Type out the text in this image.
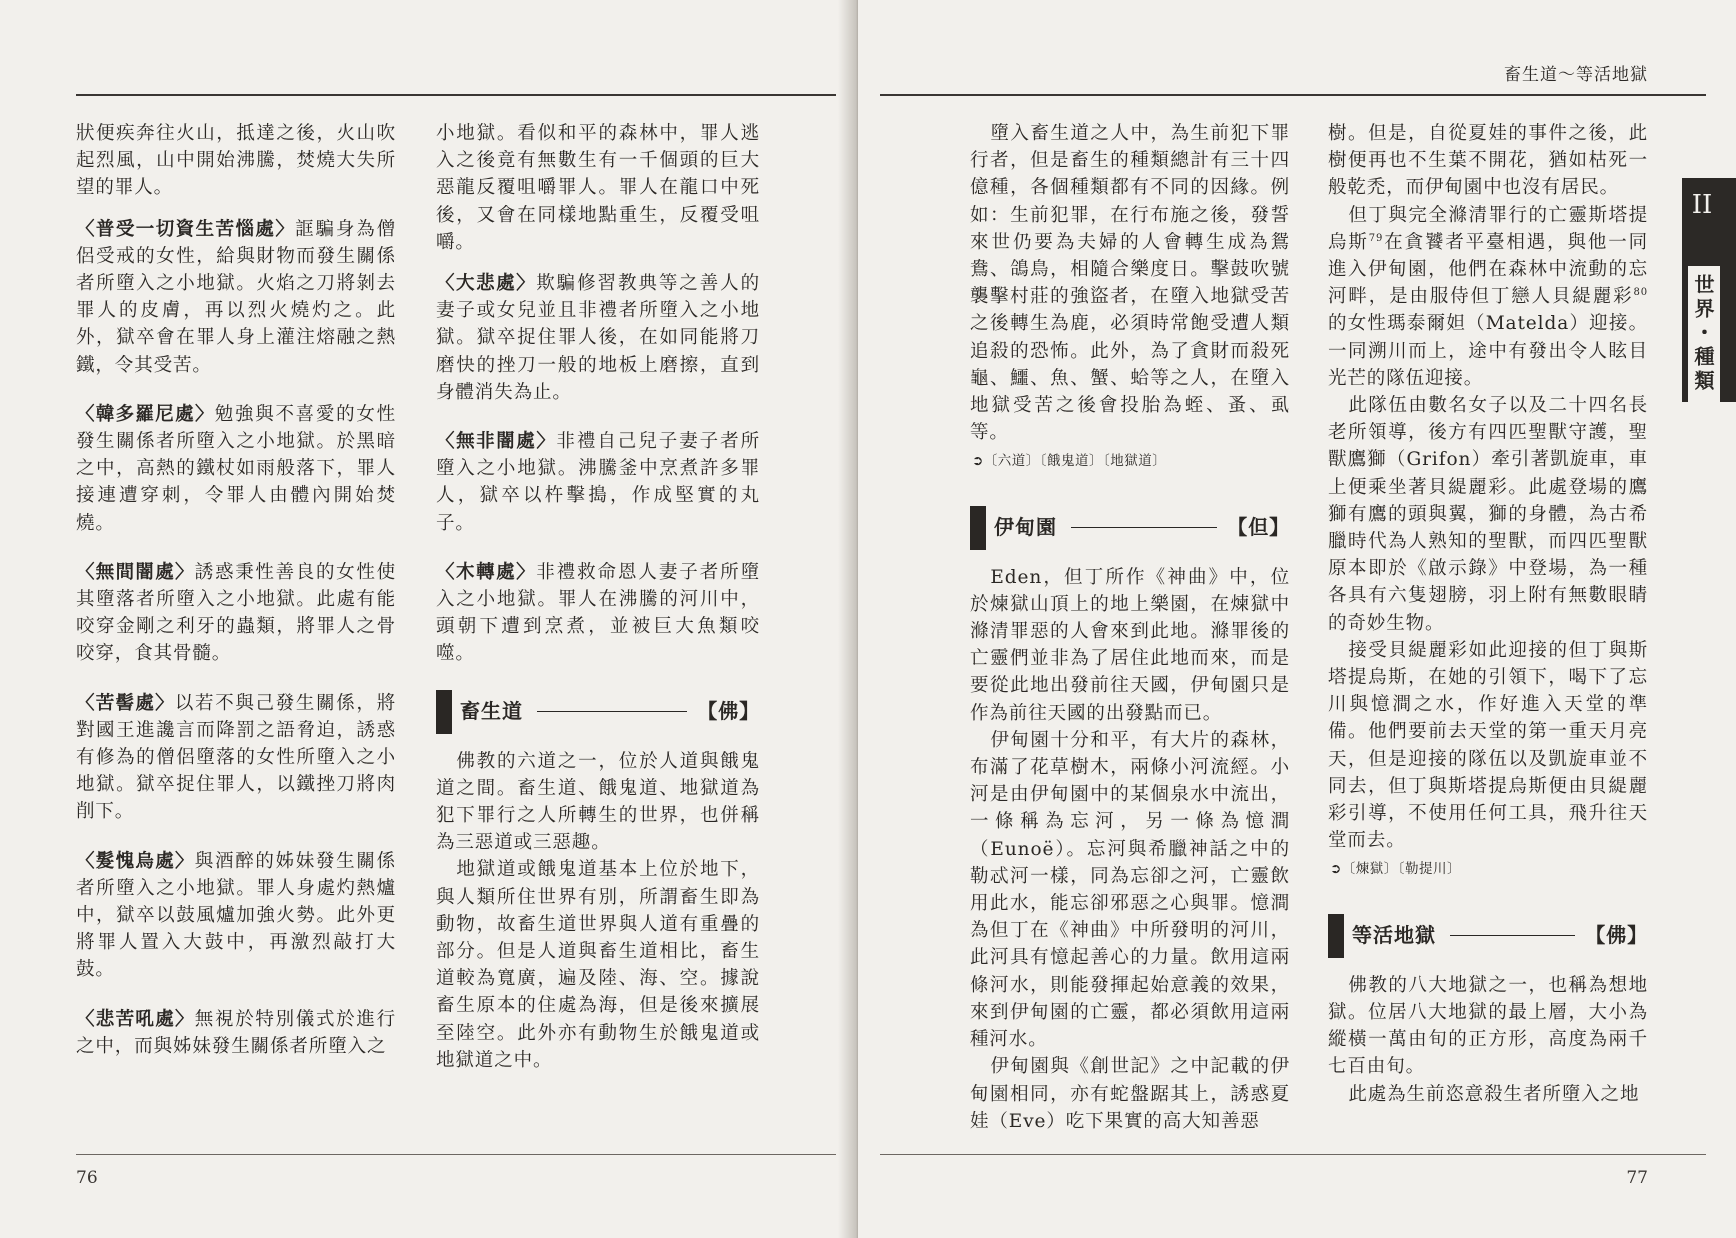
狀便疾奔往火山，抵達之後，火山吹起烈風，山中開始沸騰，焚燒大失所望的罪人。

〈普受一切資生苦惱處〉誆騙身為僧侶受戒的女性，給與財物而發生關係者所墮入之小地獄。火焰之刀將剝去罪人的皮膚，再以烈火燒灼之。此外，獄卒會在罪人身上灌注熔融之熱鐵，令其受苦。

〈韓多羅尼處〉勉強與不喜愛的女性發生關係者所墮入之小地獄。於黑暗之中，高熱的鐵杖如雨般落下，罪人接連遭穿刺，令罪人由體內開始焚燒。

〈無間闇處〉誘惑秉性善良的女性使其墮落者所墮入之小地獄。此處有能咬穿金剛之利牙的蟲類，將罪人之骨咬穿，食其骨髓。

〈苦髻處〉以若不與己發生關係，將對國王進讒言而降罰之語脅迫，誘惑有修為的僧侶墮落的女性所墮入之小地獄。獄卒捉住罪人，以鐵挫刀將肉削下。

〈髮愧烏處〉與酒醉的姊妹發生關係者所墮入之小地獄。罪人身處灼熱爐中，獄卒以鼓風爐加強火勢。此外更將罪人置入大鼓中，再激烈敲打大鼓。

〈悲苦吼處〉無視於特別儀式於進行之中，而與姊妹發生關係者所墮入之

小地獄。看似和平的森林中，罪人逃入之後竟有無數生有一千個頭的巨大惡龍反覆咀嚼罪人。罪人在龍口中死後，又會在同樣地點重生，反覆受咀嚼。

〈大悲處〉欺騙修習教典等之善人的妻子或女兒並且非禮者所墮入之小地獄。獄卒捉住罪人後，在如同能將刀磨快的挫刀一般的地板上磨擦，直到身體消失為止。

〈無非闇處〉非禮自己兒子妻子者所墮入之小地獄。沸騰釜中烹煮許多罪人，獄卒以杵擊搗，作成堅實的丸子。

〈木轉處〉非禮救命恩人妻子者所墮入之小地獄。罪人在沸騰的河川中，頭朝下遭到烹煮，並被巨大魚類咬噬。

畜生道	【佛】

佛教的六道之一，位於人道與餓鬼道之間。畜生道、餓鬼道、地獄道為犯下罪行之人所轉生的世界，也併稱為三惡道或三惡趣。

地獄道或餓鬼道基本上位於地下，與人類所住世界有別，所謂畜生即為動物，故畜生道世界與人道有重疊的部分。但是人道與畜生道相比，畜生道較為寬廣，遍及陸、海、空。據說畜生原本的住處為海，但是後來擴展至陸空。此外亦有動物生於餓鬼道或地獄道之中。

76
畜生道～等活地獄

墮入畜生道之人中，為生前犯下罪行者，但是畜生的種類總計有三十四億種，各個種類都有不同的因緣。例如：生前犯罪，在行布施之後，發誓來世仍要為夫婦的人會轉生成為鴛鴦、鴿鳥，相隨合樂度日。擊鼓吹號襲擊村莊的強盜者，在墮入地獄受苦之後轉生為鹿，必須時常飽受遭人類追殺的恐怖。此外，為了貪財而殺死龜、鱷、魚、蟹、蛤等之人，在墮入地獄受苦之後會投胎為蛭、蚤、虱等。

➲〔六道〕〔餓鬼道〕〔地獄道〕
伊甸園	【但】

Eden，但丁所作《神曲》中，位於煉獄山頂上的地上樂園，在煉獄中滌清罪惡的人會來到此地。滌罪後的亡靈們並非為了居住此地而來，而是要從此地出發前往天國，伊甸園只是作為前往天國的出發點而已。

伊甸園十分和平，有大片的森林，布滿了花草樹木，兩條小河流經。小河是由伊甸園中的某個泉水中流出，一條稱為忘河，另一條為憶澗（Eunoë）。忘河與希臘神話之中的勒忒河一樣，同為忘卻之河，亡靈飲用此水，能忘卻邪惡之心與罪。憶澗為但丁在《神曲》中所發明的河川，此河具有憶起善心的力量。飲用這兩條河水，則能發揮起始意義的效果，來到伊甸園的亡靈，都必須飲用這兩種河水。

伊甸園與《創世記》之中記載的伊甸園相同，亦有蛇盤踞其上，誘惑夏娃（Eve）吃下果實的高大知善惡

樹。但是，自從夏娃的事件之後，此樹便再也不生葉不開花，猶如枯死一般乾禿，而伊甸園中也沒有居民。

但丁與完全滌清罪行的亡靈斯塔提烏斯$^{79}$在貪饕者平臺相遇，與他一同進入伊甸園，他們在森林中流動的忘河畔，是由服侍但丁戀人貝緹麗彩$^{80}$的女性瑪泰爾妲（Matelda）迎接。一同溯川而上，途中有發出令人眩目光芒的隊伍迎接。

此隊伍由數名女子以及二十四名長老所領導，後方有四匹聖獸守護，聖獸鷹獅（Grifon）牽引著凱旋車，車上便乘坐著貝緹麗彩。此處登場的鷹獅有鷹的頭與翼，獅的身體，為古希臘時代為人熟知的聖獸，而四匹聖獸原本即於《啟示錄》中登場，為一種各具有六隻翅膀，羽上附有無數眼睛的奇妙生物。

接受貝緹麗彩如此迎接的但丁與斯塔提烏斯，在她的引領下，喝下了忘川與憶澗之水，作好進入天堂的準備。他們要前去天堂的第一重天月亮天，但是迎接的隊伍以及凱旋車並不同去，但丁與斯塔提烏斯便由貝緹麗彩引導，不使用任何工具，飛升往天堂而去。

➲〔煉獄〕〔勒提川〕
等活地獄	【佛】

佛教的八大地獄之一，也稱為想地獄。位居八大地獄的最上層，大小為縱橫一萬由旬的正方形，高度為兩千七百由旬。

此處為生前恣意殺生者所墮入之地

77
II
世界・種類
